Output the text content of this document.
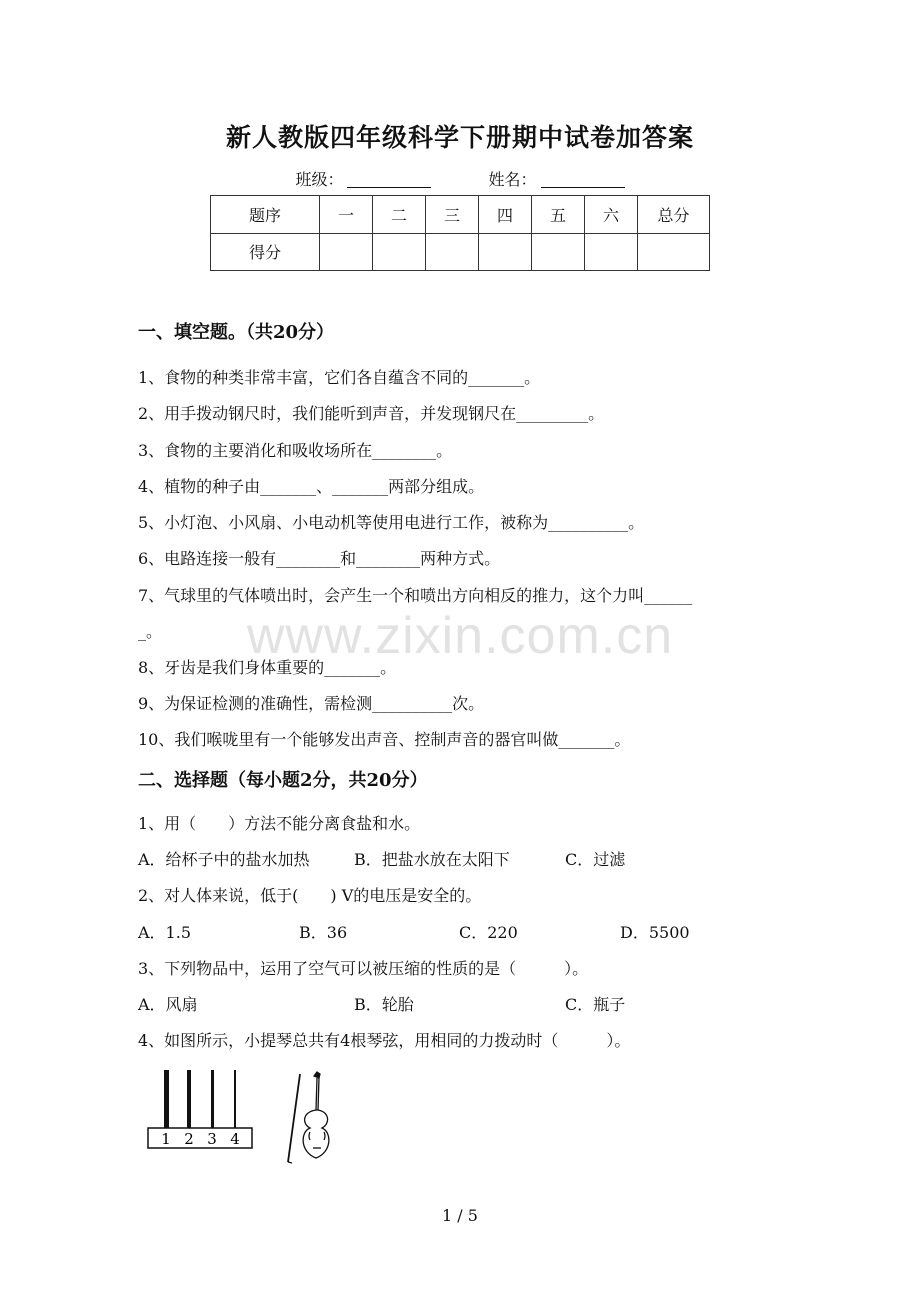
新人教版四年级科学下册期中试卷加答案
班级：	姓名：
题序	一	二	三	四	五	六	总分
得分							
一、填空题。（共20分）
1、食物的种类非常丰富，它们各自蕴含不同的_______。
2、用手拨动钢尺时，我们能听到声音，并发现钢尺在_________。
3、食物的主要消化和吸收场所在________。
4、植物的种子由_______、_______两部分组成。
5、小灯泡、小风扇、小电动机等使用电进行工作，被称为__________。
6、电路连接一般有________和________两种方式。
7、气球里的气体喷出时，会产生一个和喷出方向相反的推力，这个力叫______
_。
8、牙齿是我们身体重要的_______。
9、为保证检测的准确性，需检测__________次。
10、我们喉咙里有一个能够发出声音、控制声音的器官叫做_______。
www.zixin.com.cn
二、选择题（每小题2分，共20分）
1、用（　　）方法不能分离食盐和水。
A．给杯子中的盐水加热	B．把盐水放在太阳下	C．过滤
2、对人体来说，低于(　　) V的电压是安全的。
A．1.5	B．36	C．220	D．5500
3、下列物品中，运用了空气可以被压缩的性质的是（　　　）。
A．风扇	B．轮胎	C．瓶子
4、如图所示，小提琴总共有4根琴弦，用相同的力拨动时（　　　）。
1 2 3 4
1 / 5
